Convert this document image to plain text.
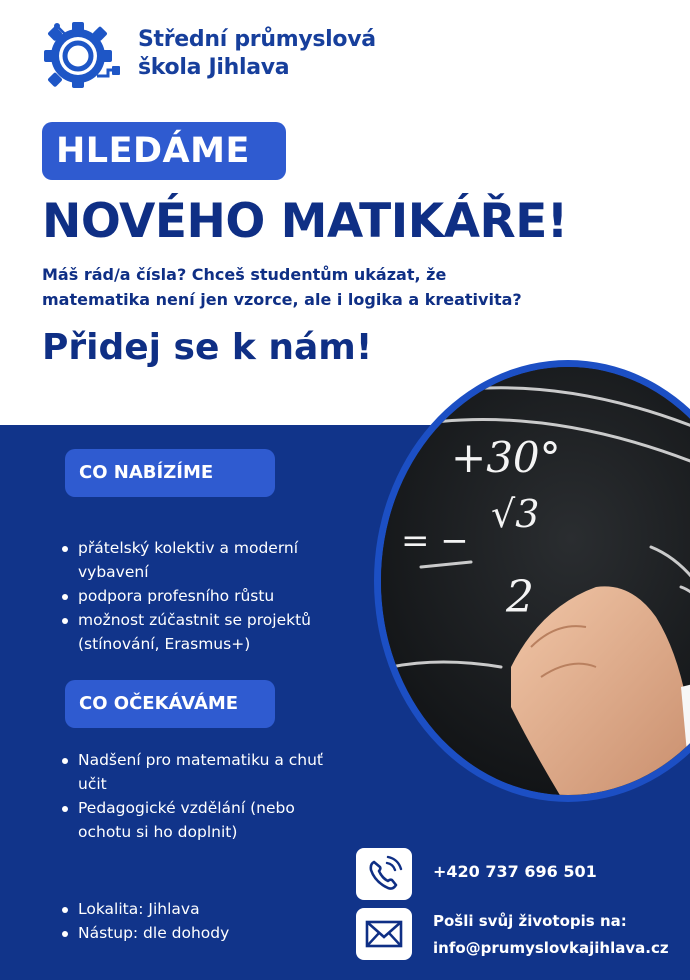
Střední průmyslová
škola Jihlava
HLEDÁME
NOVÉHO MATIKÁŘE!
Máš rád/a čísla? Chceš studentům ukázat, že
matematika není jen vzorce, ale i logika a kreativita?
Přidej se k nám!
+30°
√3
= −
2
CO NABÍZÍME
přátelský kolektiv a moderní vybavení
podpora profesního růstu
možnost zúčastnit se projektů (stínování, Erasmus+)
CO OČEKÁVÁME
Nadšení pro matematiku a chuť učit
Pedagogické vzdělání (nebo ochotu si ho doplnit)
Lokalita: Jihlava
Nástup: dle dohody
+420 737 696 501
Pošli svůj životopis na:
info@prumyslovkajihlava.cz
